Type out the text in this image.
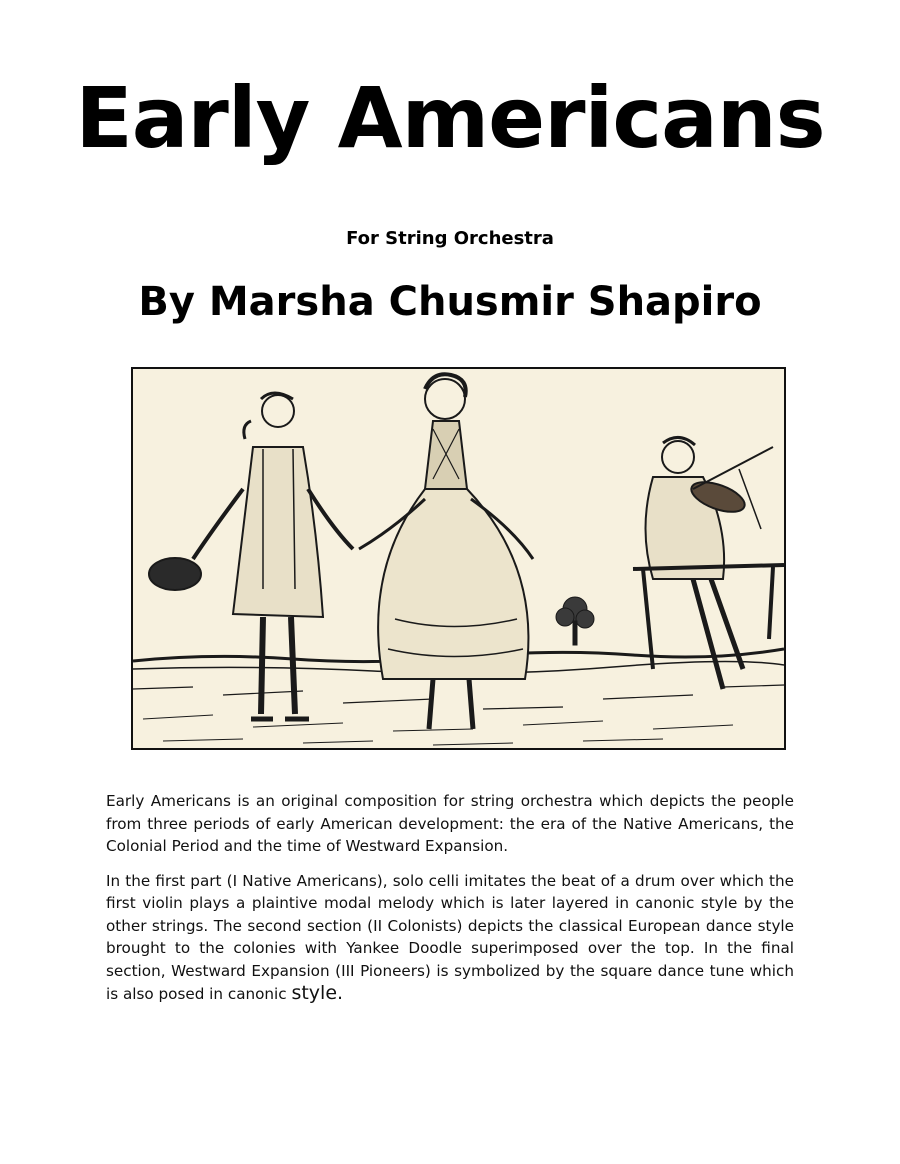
Early Americans
For String Orchestra
By Marsha Chusmir Shapiro

Early Americans is an original composition for string orchestra which depicts the people from three periods of early American development: the era of the Native Americans, the Colonial Period and the time of Westward Expansion.

In the first part (I Native Americans), solo celli imitates the beat of a drum over which the first violin plays a plaintive modal melody which is later layered in canonic style by the other strings. The second section (II Colonists) depicts the classical European dance style brought to the colonies with Yankee Doodle superimposed over the top. In the final section, Westward Expansion (III Pioneers) is symbolized by the square dance tune which is also posed in canonic style.
